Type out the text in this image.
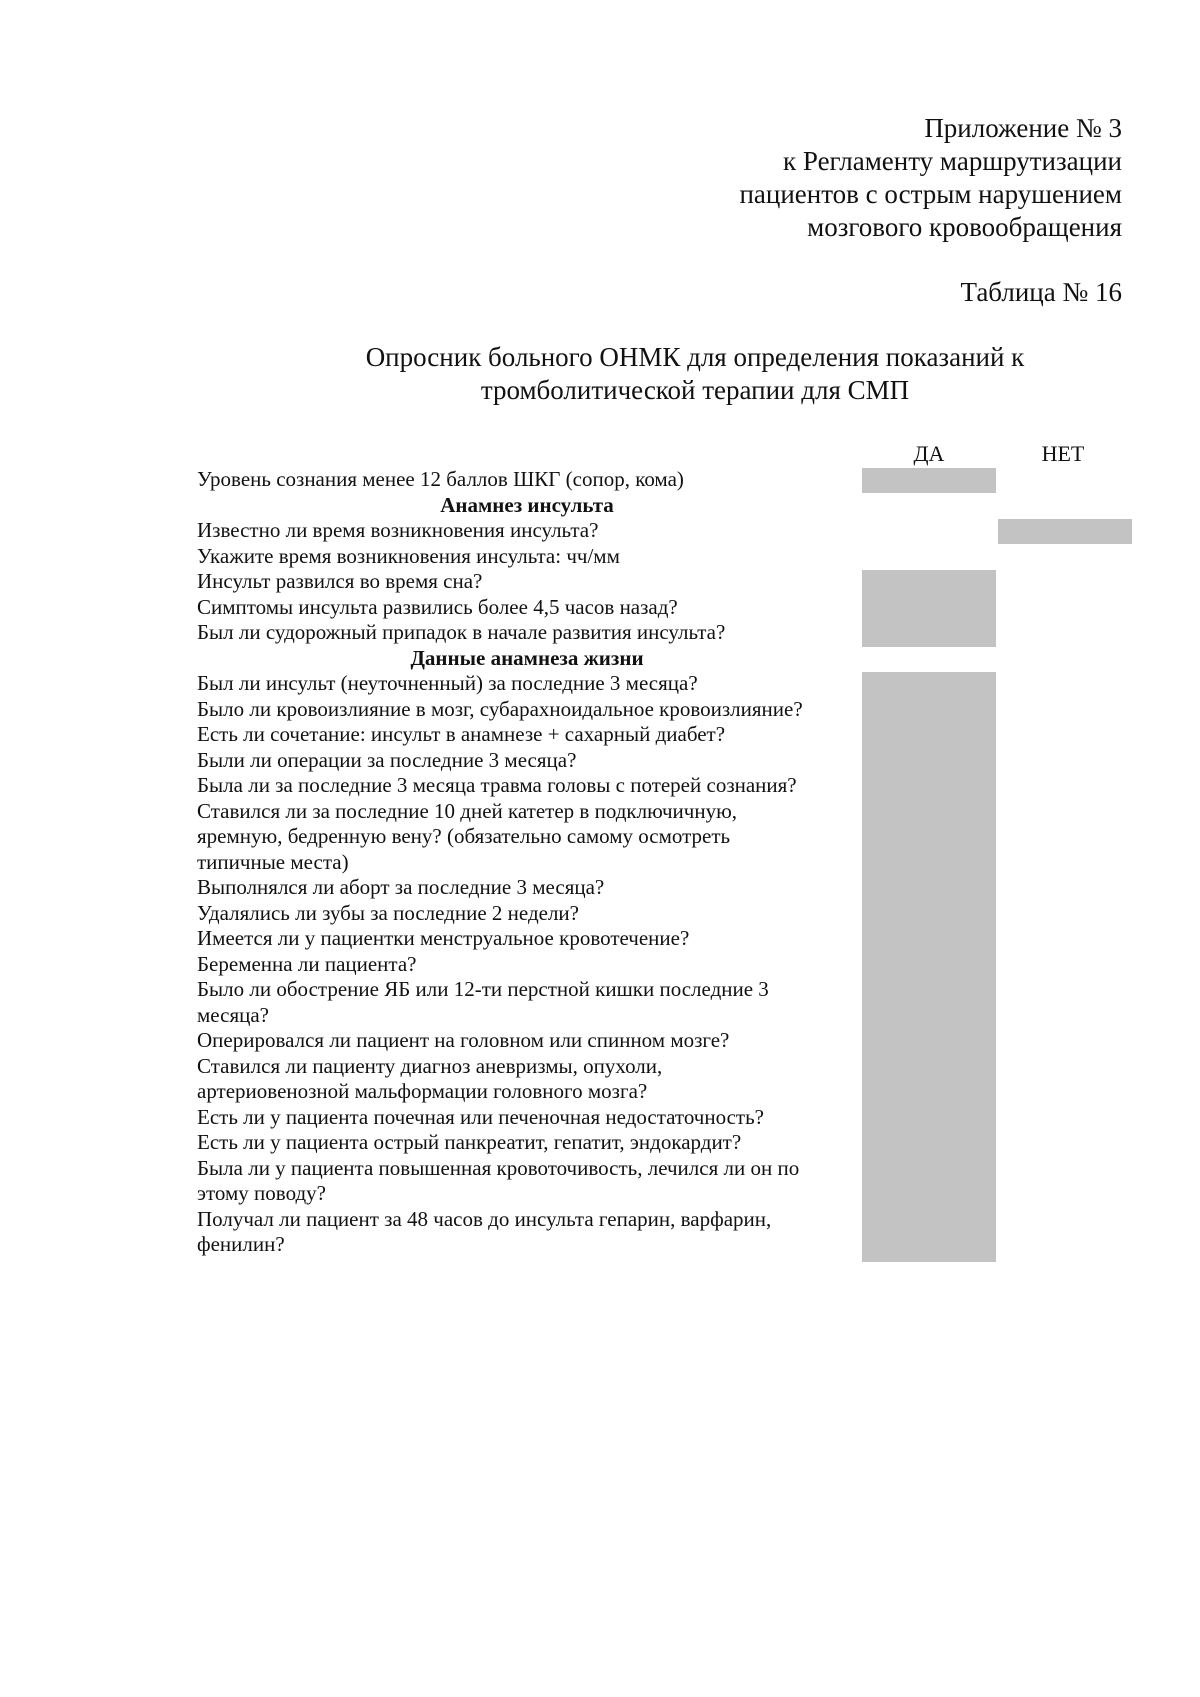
Приложение № 3
к Регламенту маршрутизации
пациентов с острым нарушением
мозгового кровообращения
Таблица № 16
Опросник больного ОНМК для определения показаний к
тромболитической терапии для СМП
ДА	НЕТ
Уровень сознания менее 12 баллов ШКГ (сопор, кома)
Анамнез инсульта
Известно ли время возникновения инсульта?
Укажите время возникновения инсульта: чч/мм
Инсульт развился во время сна?
Симптомы инсульта развились более 4,5 часов назад?
Был ли судорожный припадок в начале развития инсульта?
Данные анамнеза жизни
Был ли инсульт (неуточненный) за последние 3 месяца?
Было ли кровоизлияние в мозг, субарахноидальное кровоизлияние?
Есть ли сочетание: инсульт в анамнезе + сахарный диабет?
Были ли операции за последние 3 месяца?
Была ли за последние 3 месяца травма головы с потерей сознания?
Ставился ли за последние 10 дней катетер в подключичную,
яремную, бедренную вену? (обязательно самому осмотреть
типичные места)
Выполнялся ли аборт за последние 3 месяца?
Удалялись ли зубы за последние 2 недели?
Имеется ли у пациентки менструальное кровотечение?
Беременна ли пациента?
Было ли обострение ЯБ или 12-ти перстной кишки последние 3
месяца?
Оперировался ли пациент на головном или спинном мозге?
Ставился ли пациенту диагноз аневризмы, опухоли,
артериовенозной мальформации головного мозга?
Есть ли у пациента почечная или печеночная недостаточность?
Есть ли у пациента острый панкреатит, гепатит, эндокардит?
Была ли у пациента повышенная кровоточивость, лечился ли он по
этому поводу?
Получал ли пациент за 48 часов до инсульта гепарин, варфарин,
фенилин?
